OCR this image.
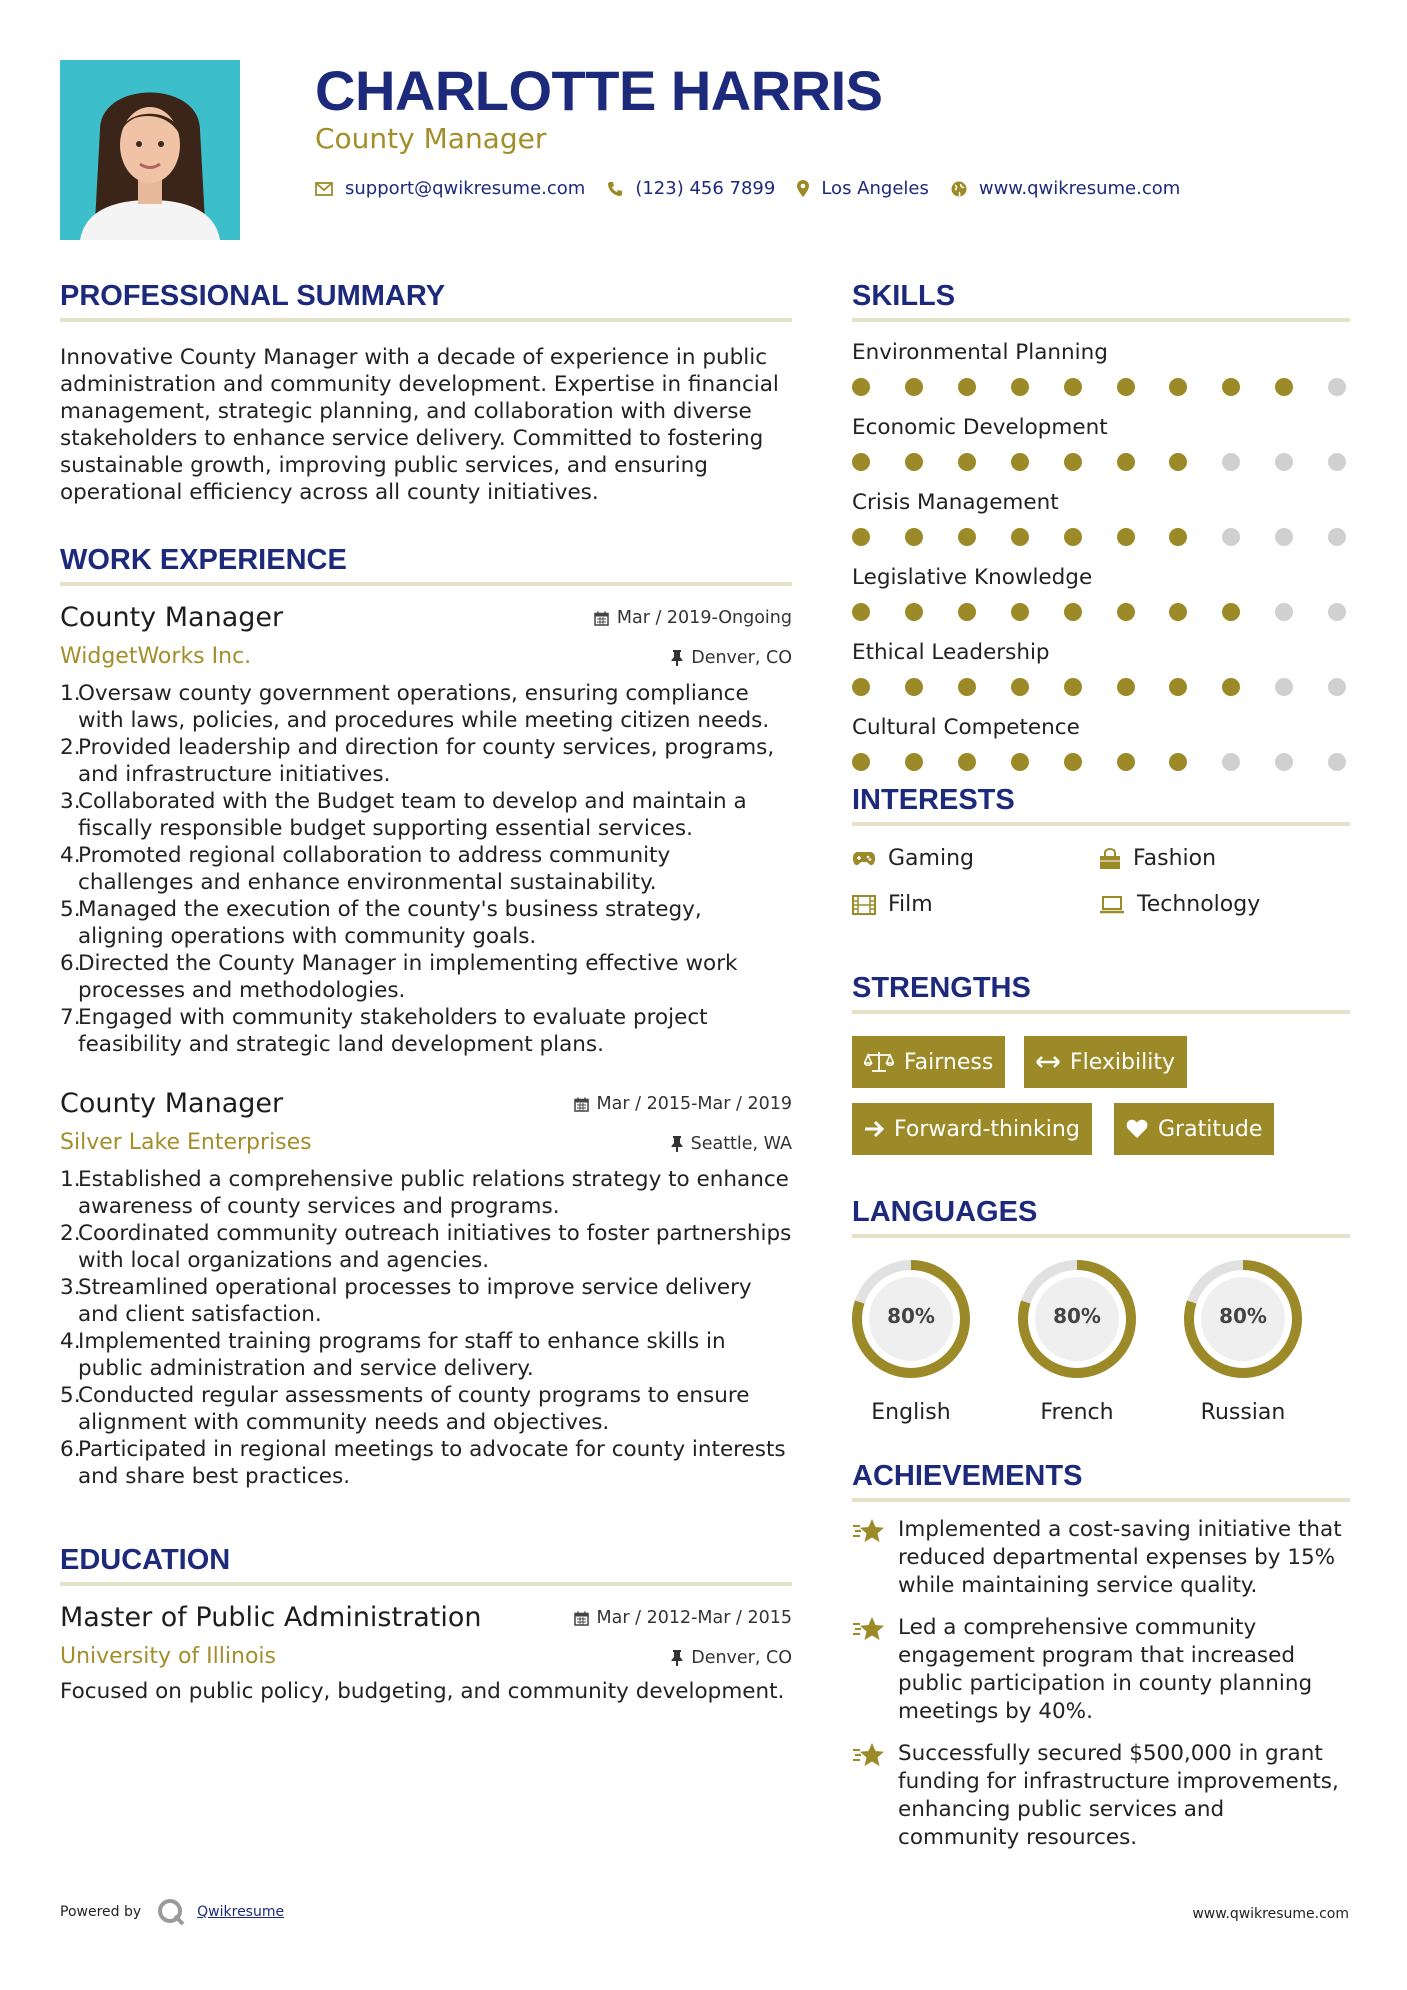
CHARLOTTE HARRIS
County Manager
support@qwikresume.com	(123) 456 7899	Los Angeles	www.qwikresume.com
PROFESSIONAL SUMMARY

Innovative County Manager with a decade of experience in public administration and community development. Expertise in financial management, strategic planning, and collaboration with diverse stakeholders to enhance service delivery. Committed to fostering sustainable growth, improving public services, and ensuring operational efficiency across all county initiatives.

WORK EXPERIENCE
County Manager	Mar / 2019-Ongoing
WidgetWorks Inc.	Denver, CO
Oversaw county government operations, ensuring compliance with laws, policies, and procedures while meeting citizen needs.
Provided leadership and direction for county services, programs, and infrastructure initiatives.
Collaborated with the Budget team to develop and maintain a fiscally responsible budget supporting essential services.
Promoted regional collaboration to address community challenges and enhance environmental sustainability.
Managed the execution of the county's business strategy, aligning operations with community goals.
Directed the County Manager in implementing effective work processes and methodologies.
Engaged with community stakeholders to evaluate project feasibility and strategic land development plans.
County Manager	Mar / 2015-Mar / 2019
Silver Lake Enterprises	Seattle, WA
Established a comprehensive public relations strategy to enhance awareness of county services and programs.
Coordinated community outreach initiatives to foster partnerships with local organizations and agencies.
Streamlined operational processes to improve service delivery and client satisfaction.
Implemented training programs for staff to enhance skills in public administration and service delivery.
Conducted regular assessments of county programs to ensure alignment with community needs and objectives.
Participated in regional meetings to advocate for county interests and share best practices.
EDUCATION
Master of Public Administration	Mar / 2012-Mar / 2015
University of Illinois	Denver, CO

Focused on public policy, budgeting, and community development.

SKILLS
Environmental Planning
Economic Development
Crisis Management
Legislative Knowledge
Ethical Leadership
Cultural Competence
INTERESTS
Gaming	Fashion
Film	Technology
STRENGTHS
Fairness	Flexibility
Forward-thinking	Gratitude
LANGUAGES
80%
English
80%
French
80%
Russian
ACHIEVEMENTS
Implemented a cost-saving initiative that reduced departmental expenses by 15% while maintaining service quality.
Led a comprehensive community engagement program that increased public participation in county planning meetings by 40%.
Successfully secured $500,000 in grant funding for infrastructure improvements, enhancing public services and community resources.
Powered by	Qwikresume	www.qwikresume.com
